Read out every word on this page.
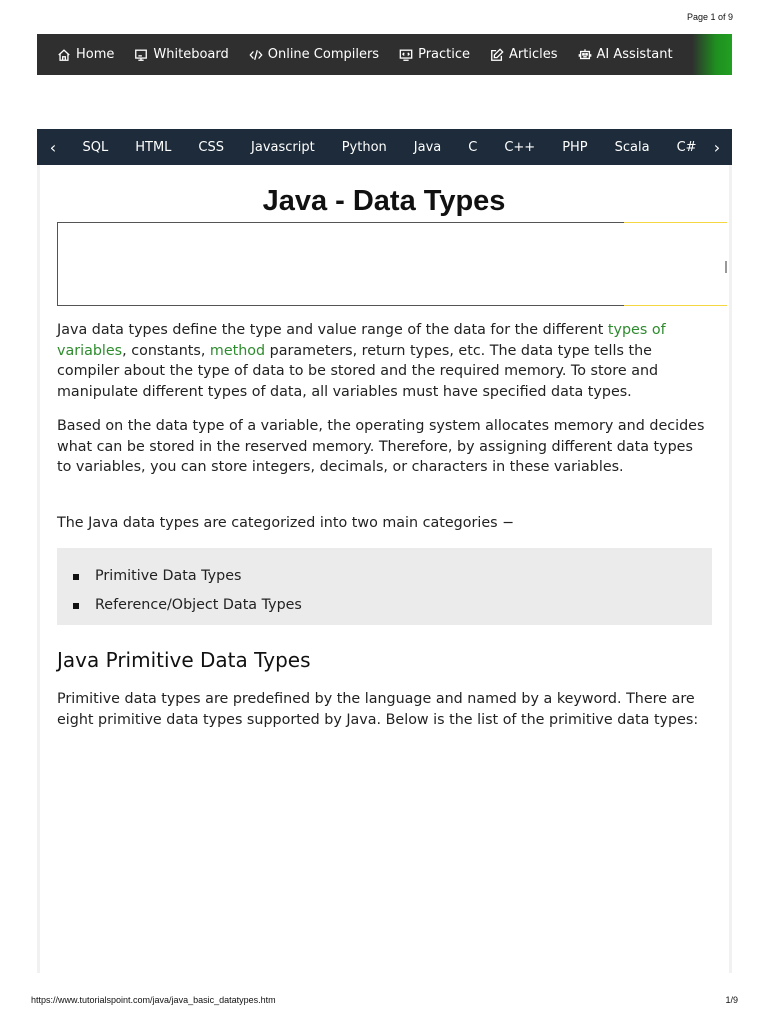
Page 1 of 9
Home	Whiteboard	Online Compilers	Practice	Articles	AI Assistant
‹	SQL	HTML	CSS	Javascript	Python	Java	C	C++	PHP	Scala	C#	›
Java - Data Types

Java data types define the type and value range of the data for the different types of variables, constants, method parameters, return types, etc. The data type tells the compiler about the type of data to be stored and the required memory. To store and manipulate different types of data, all variables must have specified data types.

Based on the data type of a variable, the operating system allocates memory and decides what can be stored in the reserved memory. Therefore, by assigning different data types to variables, you can store integers, decimals, or characters in these variables.

The Java data types are categorized into two main categories −

Primitive Data Types
Reference/Object Data Types
Java Primitive Data Types

Primitive data types are predefined by the language and named by a keyword. There are eight primitive data types supported by Java. Below is the list of the primitive data types:

https://www.tutorialspoint.com/java/java_basic_datatypes.htm	1/9
